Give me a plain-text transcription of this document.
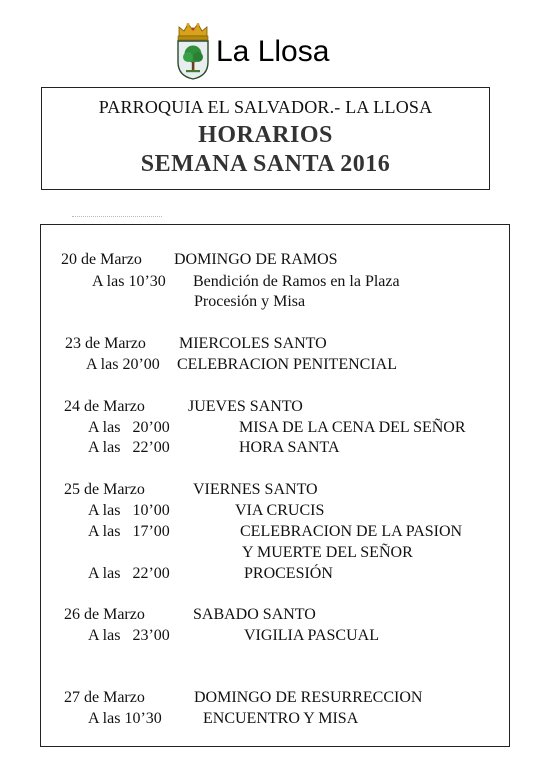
La Llosa
PARROQUIA EL SALVADOR.- LA LLOSA
HORARIOS
SEMANA SANTA 2016
20 de Marzo DOMINGO DE RAMOS
A las 10’30 Bendición de Ramos en la Plaza
Procesión y Misa
23 de Marzo MIERCOLES SANTO
A las 20’00 CELEBRACION PENITENCIAL
24 de Marzo	JUEVES SANTO
A las   20’00	MISA DE LA CENA DEL SEÑOR
A las   22’00	HORA SANTA
25 de Marzo	VIERNES SANTO
A las   10’00	VIA CRUCIS
A las   17’00	CELEBRACION DE LA PASION
Y MUERTE DEL SEÑOR
A las   22’00	PROCESIÓN
26 de Marzo	SABADO SANTO
A las   23’00	VIGILIA PASCUAL
27 de Marzo	DOMINGO DE RESURRECCION
A las 10’30	ENCUENTRO Y MISA
